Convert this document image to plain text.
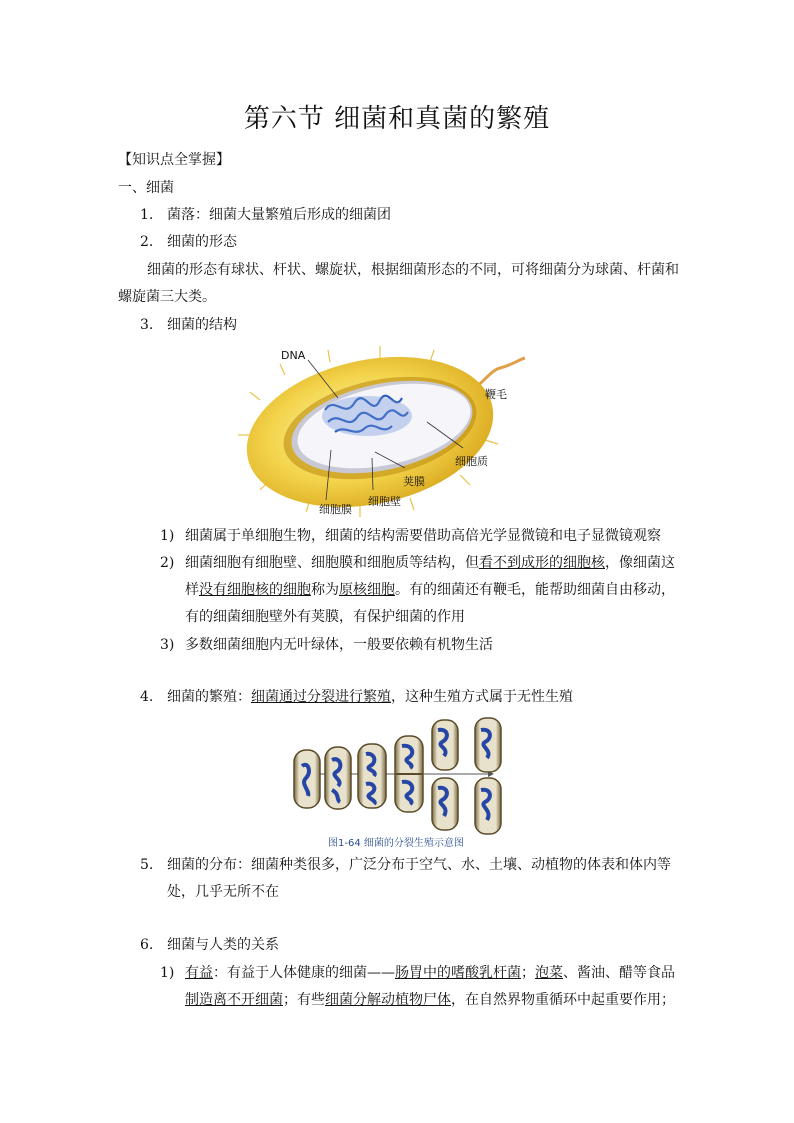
第六节 细菌和真菌的繁殖
【知识点全掌握】
一、细菌
1. 菌落：细菌大量繁殖后形成的细菌团
2. 细菌的形态
细菌的形态有球状、杆状、螺旋状，根据细菌形态的不同，可将细菌分为球菌、杆菌和
螺旋菌三大类。
3. 细菌的结构
DNA
鞭毛
细胞质
荚膜
细胞壁
细胞膜
1) 细菌属于单细胞生物，细菌的结构需要借助高倍光学显微镜和电子显微镜观察
2) 细菌细胞有细胞壁、细胞膜和细胞质等结构，但看不到成形的细胞核，像细菌这
样没有细胞核的细胞称为原核细胞。有的细菌还有鞭毛，能帮助细菌自由移动，
有的细菌细胞壁外有荚膜，有保护细菌的作用
3) 多数细菌细胞内无叶绿体，一般要依赖有机物生活
4. 细菌的繁殖：细菌通过分裂进行繁殖，这种生殖方式属于无性生殖
图1-64 细菌的分裂生殖示意图
5. 细菌的分布：细菌种类很多，广泛分布于空气、水、土壤、动植物的体表和体内等
处，几乎无所不在
6. 细菌与人类的关系
1) 有益：有益于人体健康的细菌——肠胃中的嗜酸乳杆菌；泡菜、酱油、醋等食品
制造离不开细菌；有些细菌分解动植物尸体，在自然界物重循环中起重要作用；
